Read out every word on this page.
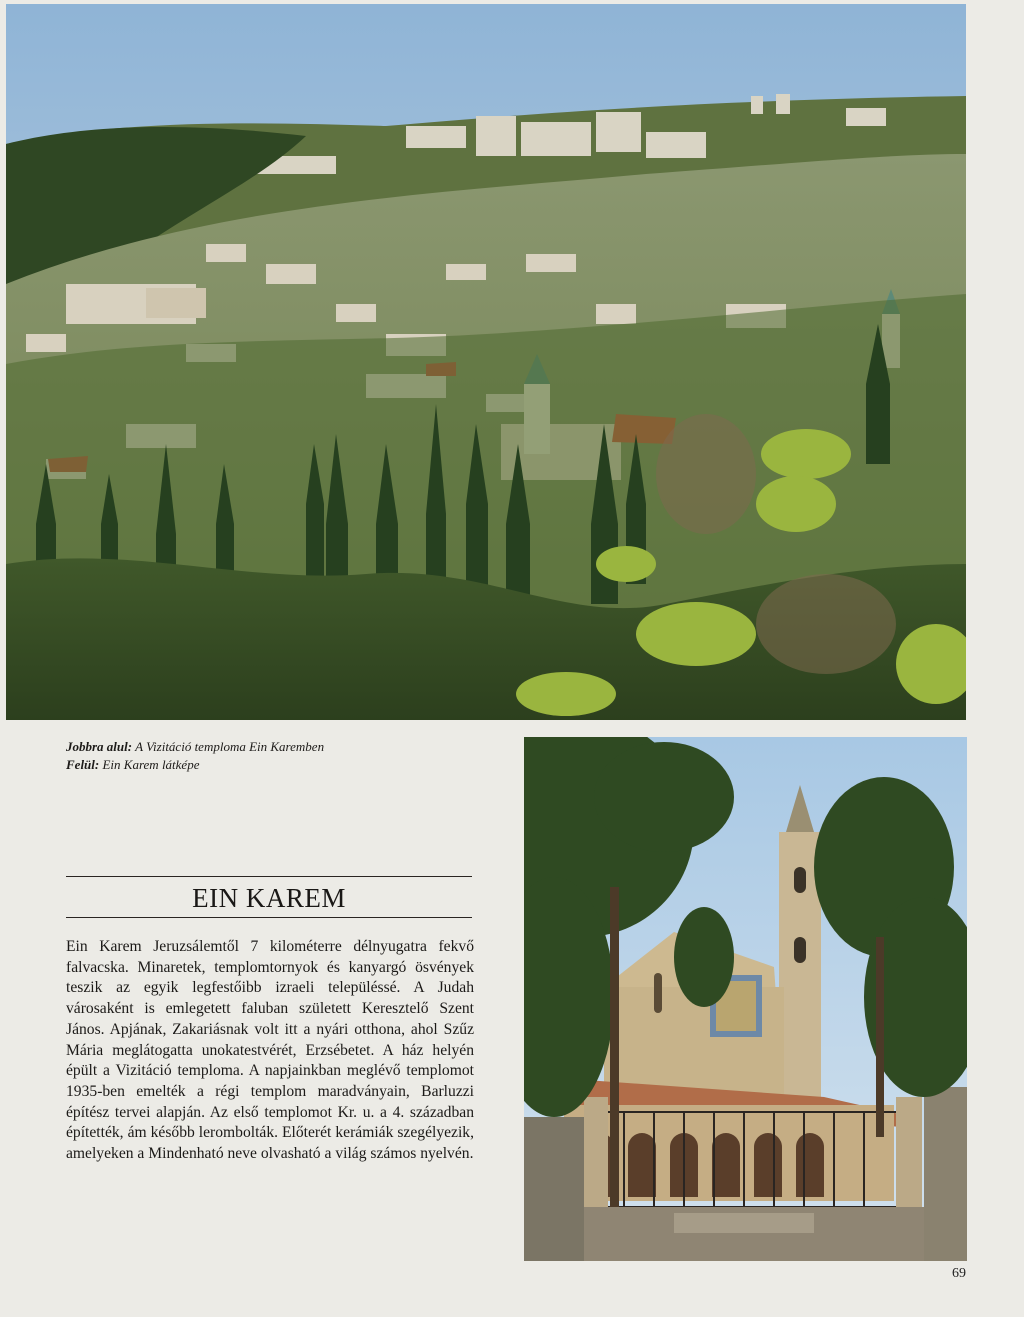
Jobbra alul: A Vizitáció temploma Ein Karemben
Felül: Ein Karem látképe
EIN KAREM
Ein Karem Jeruzsálemtől 7 kilométerre délnyugatra fekvő falvacska. Minaretek, templomtornyok és kanyargó ösvények teszik az egyik legfestőibb izraeli településsé. A Judah városaként is emlegetett faluban született Keresztelő Szent János. Apjának, Zakariásnak volt itt a nyári otthona, ahol Szűz Mária meglátogatta unokatestvérét, Erzsébetet. A ház helyén épült a Vizitáció temploma. A napjainkban meglévő templomot 1935-ben emelték a régi templom maradványain, Barluzzi építész tervei alapján. Az első templomot Kr. u. a 4. században építették, ám később lerombolták. Előterét kerámiák szegélyezik, amelyeken a Mindenható neve olvasható a világ számos nyelvén.
69
